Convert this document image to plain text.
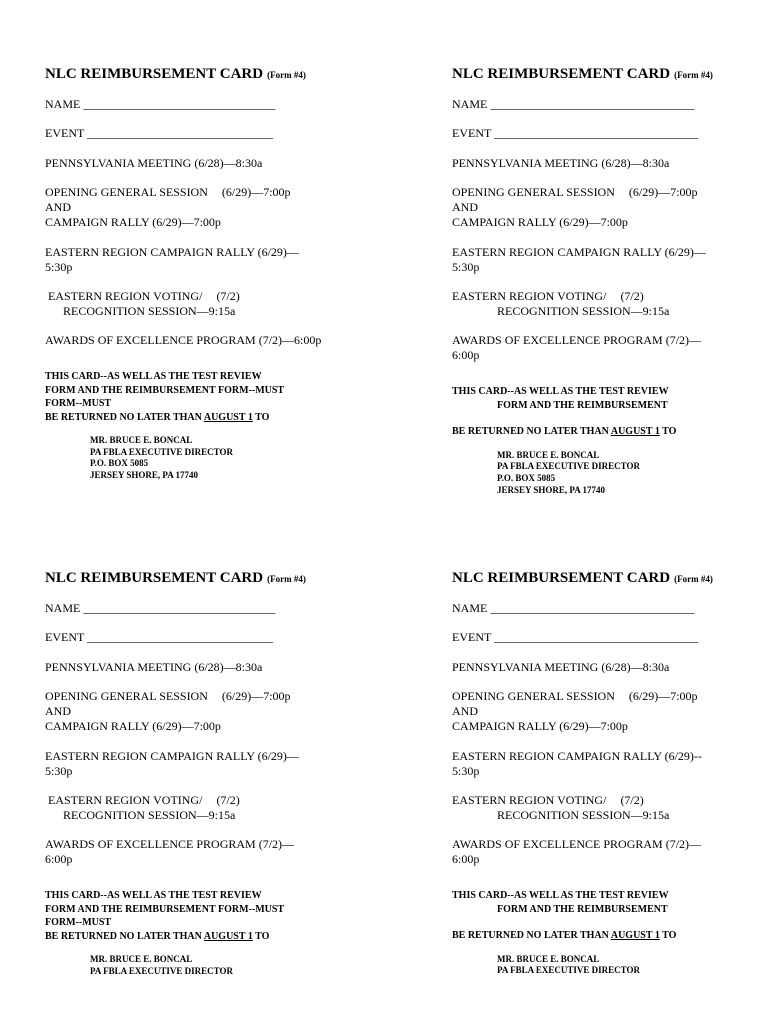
NLC REIMBURSEMENT CARD (Form #4)
NAME ________________________________
EVENT _______________________________
PENNSYLVANIA MEETING (6/28)—8:30a
OPENING GENERAL SESSION (6/29)—7:00p
AND
CAMPAIGN RALLY (6/29)—7:00p
EASTERN REGION CAMPAIGN RALLY (6/29)—
5:30p
EASTERN REGION VOTING/ (7/2)
RECOGNITION SESSION—9:15a
AWARDS OF EXCELLENCE PROGRAM (7/2)—6:00p
THIS CARD--AS WELL AS THE TEST REVIEW
FORM AND THE REIMBURSEMENT FORM--MUST
FORM--MUST
BE RETURNED NO LATER THAN AUGUST 1 TO
MR. BRUCE E. BONCAL
PA FBLA EXECUTIVE DIRECTOR
P.O. BOX 5085
JERSEY SHORE, PA 17740
NLC REIMBURSEMENT CARD (Form #4)
NAME __________________________________
EVENT __________________________________
PENNSYLVANIA MEETING (6/28)—8:30a
OPENING GENERAL SESSION (6/29)—7:00p
AND
CAMPAIGN RALLY (6/29)—7:00p
EASTERN REGION CAMPAIGN RALLY (6/29)—
5:30p
EASTERN REGION VOTING/ (7/2)
RECOGNITION SESSION—9:15a
AWARDS OF EXCELLENCE PROGRAM (7/2)—
6:00p
THIS CARD--AS WELL AS THE TEST REVIEW
FORM AND THE REIMBURSEMENT
BE RETURNED NO LATER THAN AUGUST 1 TO
MR. BRUCE E. BONCAL
PA FBLA EXECUTIVE DIRECTOR
P.O. BOX 5085
JERSEY SHORE, PA 17740
NLC REIMBURSEMENT CARD (Form #4)
NAME ________________________________
EVENT _______________________________
PENNSYLVANIA MEETING (6/28)—8:30a
OPENING GENERAL SESSION (6/29)—7:00p
AND
CAMPAIGN RALLY (6/29)—7:00p
EASTERN REGION CAMPAIGN RALLY (6/29)—
5:30p
EASTERN REGION VOTING/ (7/2)
RECOGNITION SESSION—9:15a
AWARDS OF EXCELLENCE PROGRAM (7/2)—
6:00p
THIS CARD--AS WELL AS THE TEST REVIEW
FORM AND THE REIMBURSEMENT FORM--MUST
FORM--MUST
BE RETURNED NO LATER THAN AUGUST 1 TO
MR. BRUCE E. BONCAL
PA FBLA EXECUTIVE DIRECTOR
NLC REIMBURSEMENT CARD (Form #4)
NAME __________________________________
EVENT __________________________________
PENNSYLVANIA MEETING (6/28)—8:30a
OPENING GENERAL SESSION (6/29)—7:00p
AND
CAMPAIGN RALLY (6/29)—7:00p
EASTERN REGION CAMPAIGN RALLY (6/29)--
5:30p
EASTERN REGION VOTING/ (7/2)
RECOGNITION SESSION—9:15a
AWARDS OF EXCELLENCE PROGRAM (7/2)—
6:00p
THIS CARD--AS WELL AS THE TEST REVIEW
FORM AND THE REIMBURSEMENT
BE RETURNED NO LATER THAN AUGUST 1 TO
MR. BRUCE E. BONCAL
PA FBLA EXECUTIVE DIRECTOR
